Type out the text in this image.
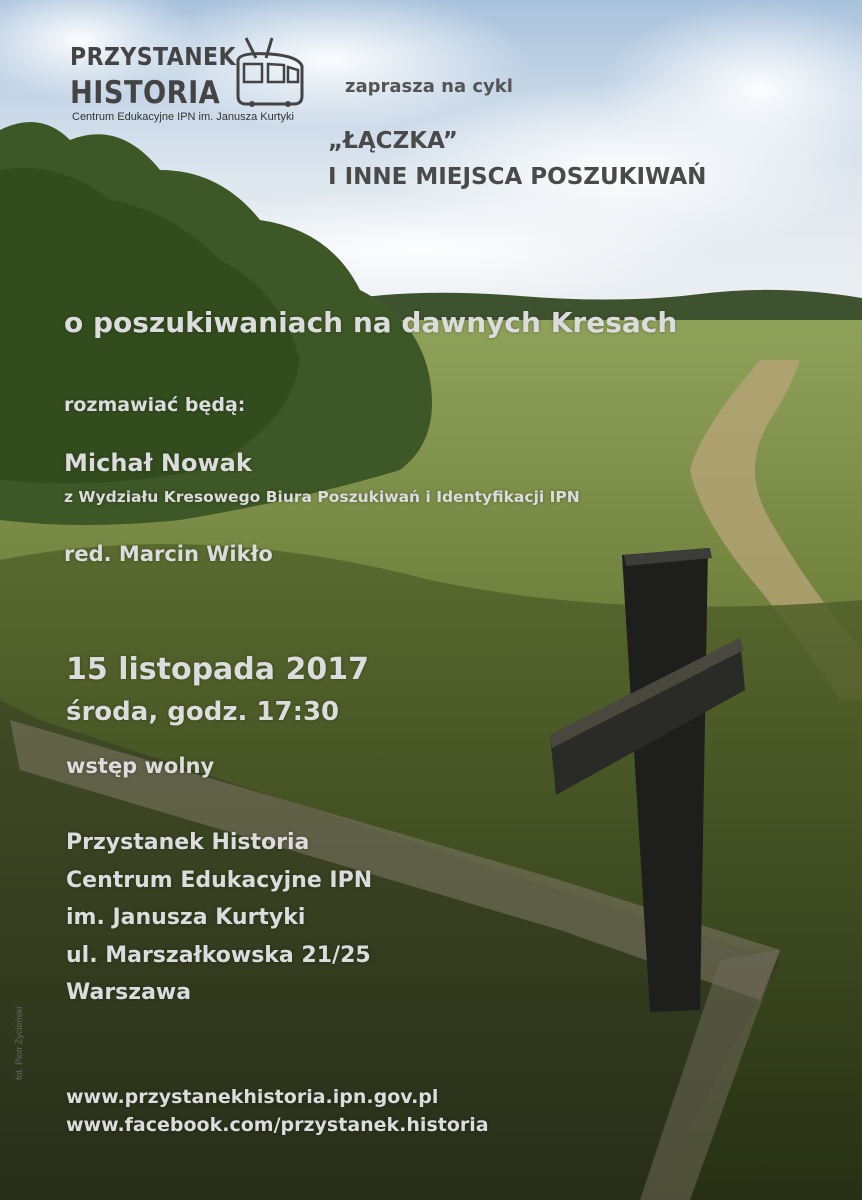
PRZYSTANEK
HISTORIA
Centrum Edukacyjne IPN im. Janusza Kurtyki
zaprasza na cykl
„ŁĄCZKA”
I INNE MIEJSCA POSZUKIWAŃ
o poszukiwaniach na dawnych Kresach
rozmawiać będą:
Michał Nowak
z Wydziału Kresowego Biura Poszukiwań i Identyfikacji IPN
red. Marcin Wikło
15 listopada 2017
środa, godz. 17:30
wstęp wolny
Przystanek Historia
Centrum Edukacyjne IPN
im. Janusza Kurtyki
ul. Marszałkowska 21/25
Warszawa
www.przystanekhistoria.ipn.gov.pl
www.facebook.com/przystanek.historia
fot. Piotr Życieński
